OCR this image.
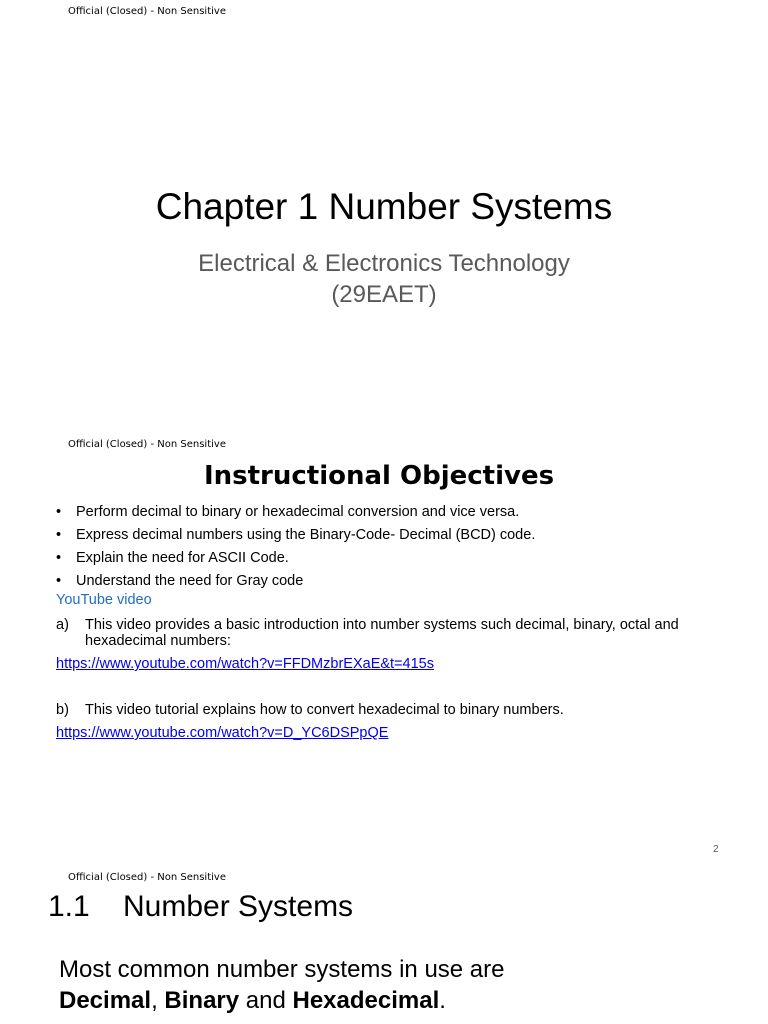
Official (Closed) - Non Sensitive
Chapter 1 Number Systems
Electrical & Electronics Technology
(29EAET)
Official (Closed) - Non Sensitive
Instructional Objectives
• Perform decimal to binary or hexadecimal conversion and vice versa.
• Express decimal numbers using the Binary-Code- Decimal (BCD) code.
• Explain the need for ASCII Code.
• Understand the need for Gray code
YouTube video
a) This video provides a basic introduction into number systems such decimal, binary, octal and hexadecimal numbers:
https://www.youtube.com/watch?v=FFDMzbrEXaE&t=415s
b) This video tutorial explains how to convert hexadecimal to binary numbers.
https://www.youtube.com/watch?v=D_YC6DSPpQE
2
Official (Closed) - Non Sensitive
1.1 Number Systems
Most common number systems in use are
Decimal, Binary and Hexadecimal.
